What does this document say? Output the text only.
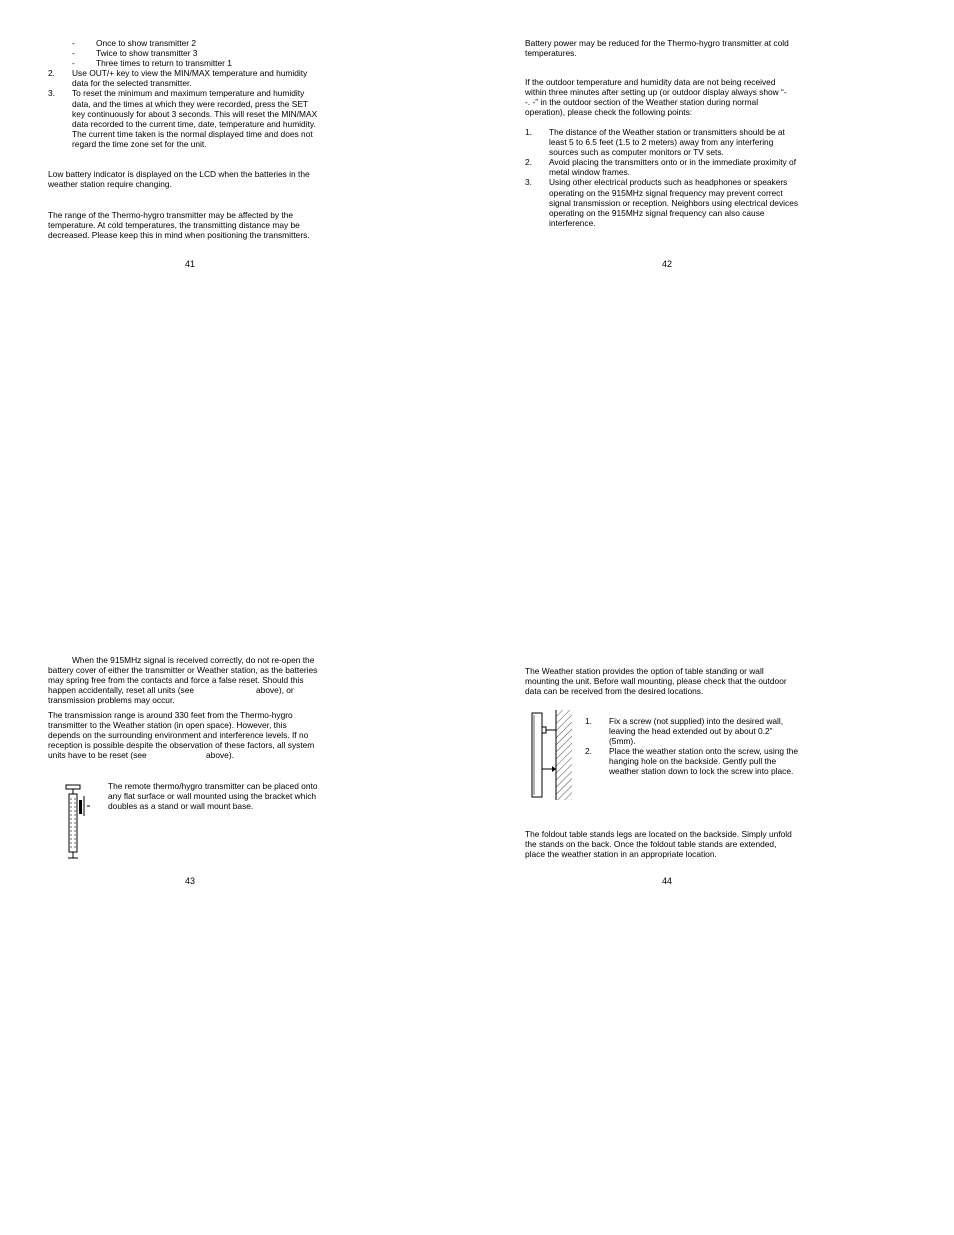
-	Once to show transmitter 2
-	Twice to show transmitter 3
-	Three times to return to transmitter 1
2. Use OUT/+ key to view the MIN/MAX temperature and humidity
data for the selected transmitter.
3. To reset the minimum and maximum temperature and humidity
data, and the times at which they were recorded, press the SET
key continuously for about 3 seconds. This will reset the MIN/MAX
data recorded to the current time, date, temperature and humidity.
The current time taken is the normal displayed time and does not
regard the time zone set for the unit.
Low battery indicator is displayed on the LCD when the batteries in the
weather station require changing.
The range of the Thermo-hygro transmitter may be affected by the
temperature. At cold temperatures, the transmitting distance may be
decreased. Please keep this in mind when positioning the transmitters.
41
Battery power may be reduced for the Thermo-hygro transmitter at cold
temperatures.
If the outdoor temperature and humidity data are not being received
within three minutes after setting up (or outdoor display always show “-
-. -” in the outdoor section of the Weather station during normal
operation), please check the following points:
1. The distance of the Weather station or transmitters should be at
least 5 to 6.5 feet (1.5 to 2 meters) away from any interfering
sources such as computer monitors or TV sets.
2. Avoid placing the transmitters onto or in the immediate proximity of
metal window frames.
3. Using other electrical products such as headphones or speakers
operating on the 915MHz signal frequency may prevent correct
signal transmission or reception. Neighbors using electrical devices
operating on the 915MHz signal frequency can also cause
interference.
42
When the 915MHz signal is received correctly, do not re-open the
battery cover of either the transmitter or Weather station, as the batteries
may spring free from the contacts and force a false reset. Should this
happen accidentally, reset all units (see	above), or
transmission problems may occur.
The transmission range is around 330 feet from the Thermo-hygro
transmitter to the Weather station (in open space). However, this
depends on the surrounding environment and interference levels. If no
reception is possible despite the observation of these factors, all system
units have to be reset (see	above).
The remote thermo/hygro transmitter can be placed onto
any flat surface or wall mounted using the bracket which
doubles as a stand or wall mount base.
43
The Weather station provides the option of table standing or wall
mounting the unit. Before wall mounting, please check that the outdoor
data can be received from the desired locations.
1. Fix a screw (not supplied) into the desired wall,
leaving the head extended out by about 0.2”
(5mm).
2. Place the weather station onto the screw, using the
hanging hole on the backside. Gently pull the
weather station down to lock the screw into place.
The foldout table stands legs are located on the backside. Simply unfold
the stands on the back. Once the foldout table stands are extended,
place the weather station in an appropriate location.
44
